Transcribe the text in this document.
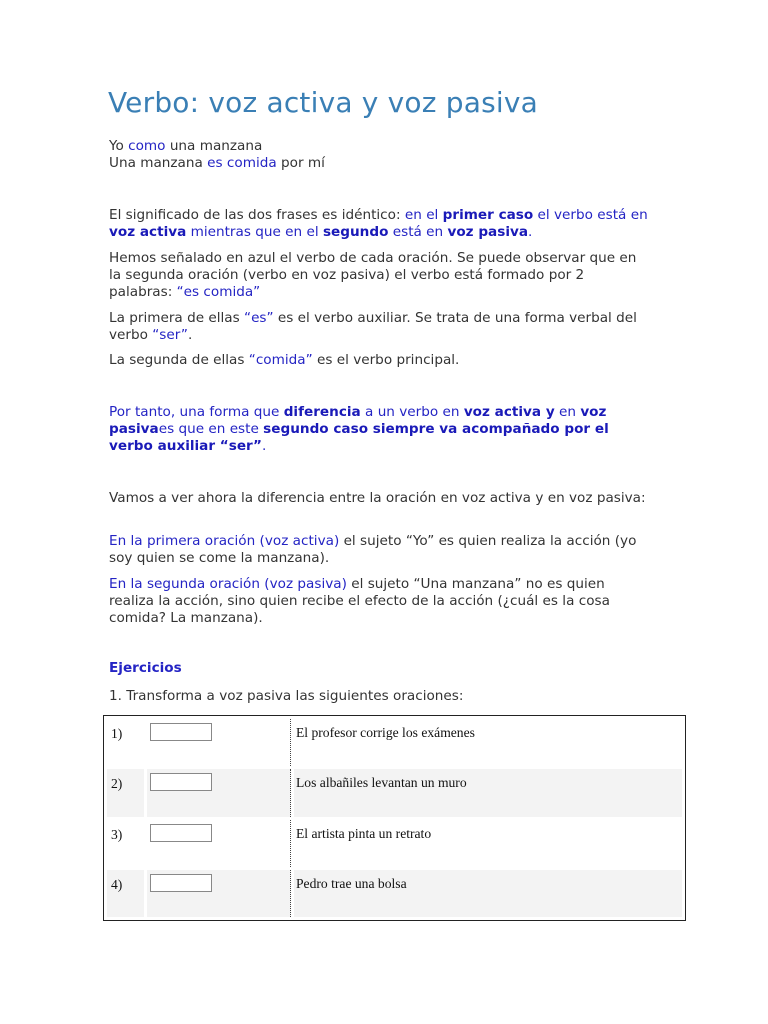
Verbo: voz activa y voz pasiva

Yo como una manzana

Una manzana es comida por mí

El significado de las dos frases es idéntico: en el primer caso el verbo está en voz activa mientras que en el segundo está en voz pasiva.

Hemos señalado en azul el verbo de cada oración. Se puede observar que en la segunda oración (verbo en voz pasiva) el verbo está formado por 2 palabras: “es comida”

La primera de ellas “es” es el verbo auxiliar. Se trata de una forma verbal del verbo “ser”.

La segunda de ellas “comida” es el verbo principal.

Por tanto, una forma que diferencia a un verbo en voz activa y en voz pasivaes que en este segundo caso siempre va acompañado por el verbo auxiliar “ser”.

Vamos a ver ahora la diferencia entre la oración en voz activa y en voz pasiva:

En la primera oración (voz activa) el sujeto “Yo” es quien realiza la acción (yo soy quien se come la manzana).

En la segunda oración (voz pasiva) el sujeto “Una manzana” no es quien realiza la acción, sino quien recibe el efecto de la acción (¿cuál es la cosa comida? La manzana).

Ejercicios

1. Transforma a voz pasiva las siguientes oraciones:

1)		El profesor corrige los exámenes
2)		Los albañiles levantan un muro
3)		El artista pinta un retrato
4)		Pedro trae una bolsa
